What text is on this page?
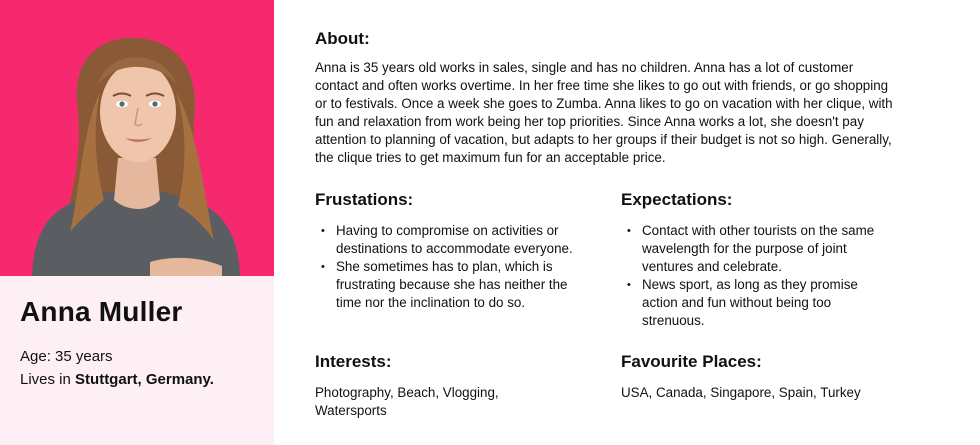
Anna Muller
Age: 35 years
Lives in Stuttgart, Germany.
About:

Anna is 35 years old works in sales, single and has no children. Anna has a lot of customer contact and often works overtime. In her free time she likes to go out with friends, or go shopping or to festivals. Once a week she goes to Zumba. Anna likes to go on vacation with her clique, with fun and relaxation from work being her top priorities. Since Anna works a lot, she doesn't pay attention to planning of vacation, but adapts to her groups if their budget is not so high. Generally, the clique tries to get maximum fun for an acceptable price.

Frustations:
• Having to compromise on activities or destinations to accommodate everyone.
• She sometimes has to plan, which is frustrating because she has neither the time nor the inclination to do so.
Expectations:
• Contact with other tourists on the same wavelength for the purpose of joint ventures and celebrate.
• News sport, as long as they promise action and fun without being too strenuous.
Interests:

Photography, Beach, Vlogging, Watersports

Favourite Places:

USA, Canada, Singapore, Spain, Turkey
